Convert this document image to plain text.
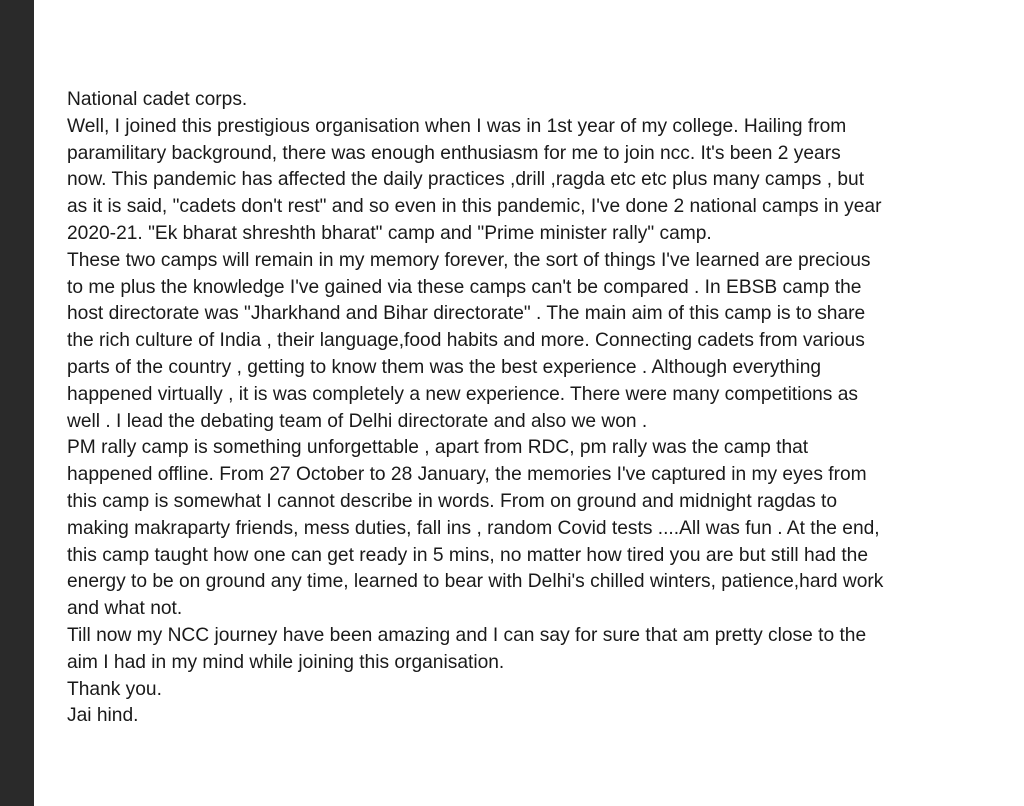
National cadet corps.
Well, I joined this prestigious organisation when I was in 1st year of my college. Hailing from
paramilitary background, there was enough enthusiasm for me to join ncc. It's been 2 years
now. This pandemic has affected the daily practices ,drill ,ragda etc etc plus many camps , but
as it is said, "cadets don't rest" and so even in this pandemic, I've done 2 national camps in year
2020-21. "Ek bharat shreshth bharat" camp and "Prime minister rally" camp.
These two camps will remain in my memory forever, the sort of things I've learned are precious
to me plus the knowledge I've gained via these camps can't be compared . In EBSB camp the
host directorate was "Jharkhand and Bihar directorate" . The main aim of this camp is to share
the rich culture of India , their language,food habits and more. Connecting cadets from various
parts of the country , getting to know them was the best experience . Although everything
happened virtually , it is was completely a new experience. There were many competitions as
well . I lead the debating team of Delhi directorate and also we won .
PM rally camp is something unforgettable , apart from RDC, pm rally was the camp that
happened offline. From 27 October to 28 January, the memories I've captured in my eyes from
this camp is somewhat I cannot describe in words. From on ground and midnight ragdas to
making makraparty friends, mess duties, fall ins , random Covid tests ....All was fun . At the end,
this camp taught how one can get ready in 5 mins, no matter how tired you are but still had the
energy to be on ground any time, learned to bear with Delhi's chilled winters, patience,hard work
and what not.
Till now my NCC journey have been amazing and I can say for sure that am pretty close to the
aim I had in my mind while joining this organisation.
Thank you.
Jai hind.
